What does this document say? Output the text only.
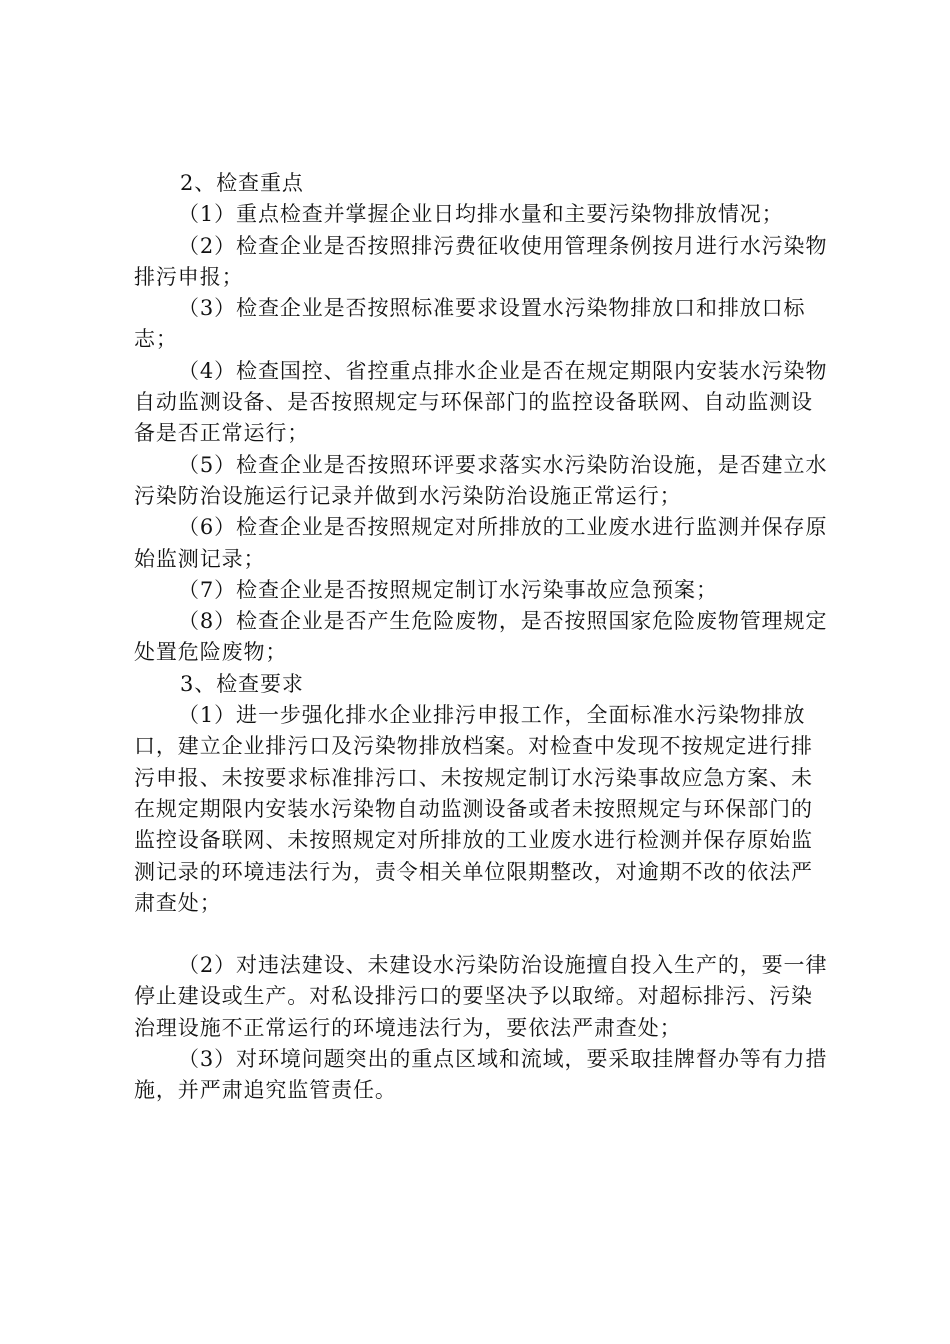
2、检查重点

（1）重点检查并掌握企业日均排水量和主要污染物排放情况；

（2）检查企业是否按照排污费征收使用管理条例按月进行水污染物排污申报；

（3）检查企业是否按照标准要求设置水污染物排放口和排放口标志；

（4）检查国控、省控重点排水企业是否在规定期限内安装水污染物自动监测设备、是否按照规定与环保部门的监控设备联网、自动监测设备是否正常运行；

（5）检查企业是否按照环评要求落实水污染防治设施，是否建立水污染防治设施运行记录并做到水污染防治设施正常运行；

（6）检查企业是否按照规定对所排放的工业废水进行监测并保存原始监测记录；

（7）检查企业是否按照规定制订水污染事故应急预案；

（8）检查企业是否产生危险废物，是否按照国家危险废物管理规定处置危险废物；

3、检查要求

（1）进一步强化排水企业排污申报工作，全面标准水污染物排放口，建立企业排污口及污染物排放档案。对检查中发现不按规定进行排污申报、未按要求标准排污口、未按规定制订水污染事故应急方案、未在规定期限内安装水污染物自动监测设备或者未按照规定与环保部门的监控设备联网、未按照规定对所排放的工业废水进行检测并保存原始监测记录的环境违法行为，责令相关单位限期整改，对逾期不改的依法严肃查处；

（2）对违法建设、未建设水污染防治设施擅自投入生产的，要一律停止建设或生产。对私设排污口的要坚决予以取缔。对超标排污、污染治理设施不正常运行的环境违法行为，要依法严肃查处；

（3）对环境问题突出的重点区域和流域，要采取挂牌督办等有力措施，并严肃追究监管责任。
